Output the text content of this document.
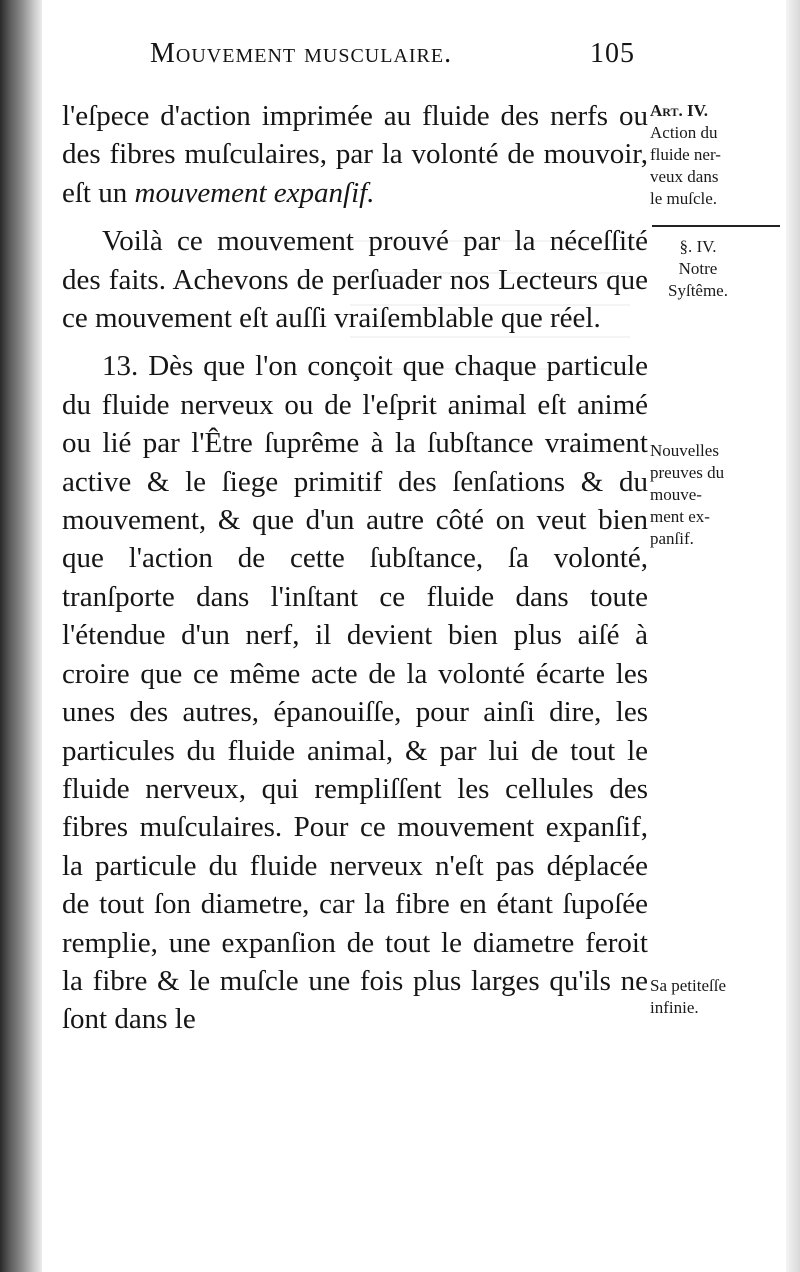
Mouvement musculaire.	105

l'eſpece d'action imprimée au fluide des nerfs ou des fibres muſculaires, par la volonté de mouvoir, eſt un mouvement expanſif.

Voilà ce mouvement prouvé par la néceſſité des faits. Achevons de perſuader nos Lecteurs que ce mouvement eſt auſſi vraiſemblable que réel.

13. Dès que l'on conçoit que chaque particule du fluide nerveux ou de l'eſprit animal eſt animé ou lié par l'Être ſuprême à la ſubſtance vraiment active & le ſiege primitif des ſenſations & du mouvement, & que d'un autre côté on veut bien que l'action de cette ſubſtance, ſa volonté, tranſporte dans l'inſtant ce fluide dans toute l'étendue d'un nerf, il devient bien plus aiſé à croire que ce même acte de la volonté écarte les unes des autres, épanouiſſe, pour ainſi dire, les particules du fluide animal, & par lui de tout le fluide nerveux, qui rempliſſent les cellules des fibres muſculaires. Pour ce mouvement expanſif, la particule du fluide nerveux n'eſt pas déplacée de tout ſon diametre, car la fibre en étant ſupoſée remplie, une expanſion de tout le diametre feroit la fibre & le muſcle une fois plus larges qu'ils ne ſont dans le

Art. IV.
Action du
fluide ner-
veux dans
le muſcle.
§. IV.
Notre
Syſtême.
Nouvelles
preuves du
mouve-
ment ex-
panſif.
Sa petiteſſe
infinie.
